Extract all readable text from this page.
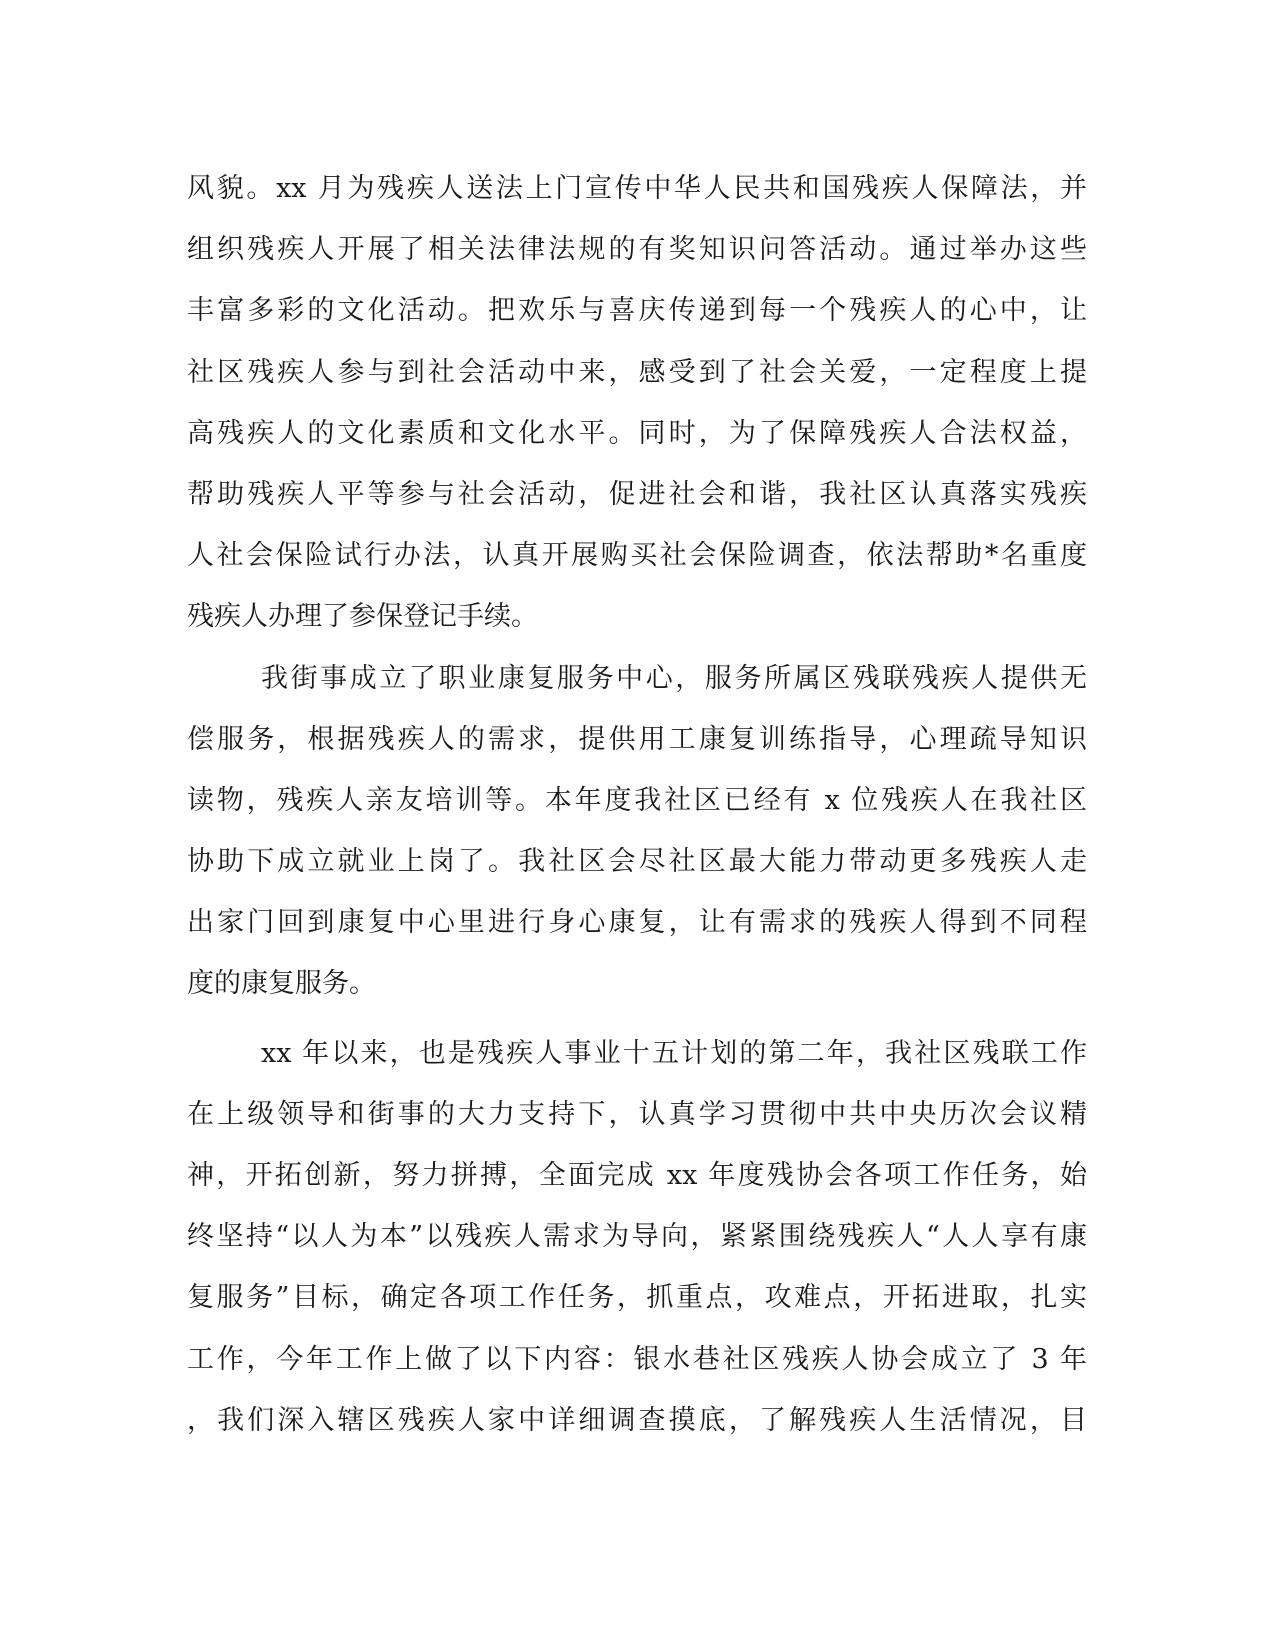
风貌。xx 月为残疾人送法上门宣传中华人民共和国残疾人保障法，并
组织残疾人开展了相关法律法规的有奖知识问答活动。通过举办这些
丰富多彩的文化活动。把欢乐与喜庆传递到每一个残疾人的心中，让
社区残疾人参与到社会活动中来，感受到了社会关爱，一定程度上提
高残疾人的文化素质和文化水平。同时，为了保障残疾人合法权益，
帮助残疾人平等参与社会活动，促进社会和谐，我社区认真落实残疾
人社会保险试行办法，认真开展购买社会保险调查，依法帮助*名重度
残疾人办理了参保登记手续。
我街事成立了职业康复服务中心，服务所属区残联残疾人提供无
偿服务，根据残疾人的需求，提供用工康复训练指导，心理疏导知识
读物，残疾人亲友培训等。本年度我社区已经有 x 位残疾人在我社区
协助下成立就业上岗了。我社区会尽社区最大能力带动更多残疾人走
出家门回到康复中心里进行身心康复，让有需求的残疾人得到不同程
度的康复服务。
xx 年以来，也是残疾人事业十五计划的第二年，我社区残联工作
在上级领导和街事的大力支持下，认真学习贯彻中共中央历次会议精
神，开拓创新，努力拼搏，全面完成 xx 年度残协会各项工作任务，始
终坚持“以人为本”以残疾人需求为导向，紧紧围绕残疾人“人人享有康
复服务”目标，确定各项工作任务，抓重点，攻难点，开拓进取，扎实
工作，今年工作上做了以下内容：银水巷社区残疾人协会成立了 3 年
，我们深入辖区残疾人家中详细调查摸底，了解残疾人生活情况，目
